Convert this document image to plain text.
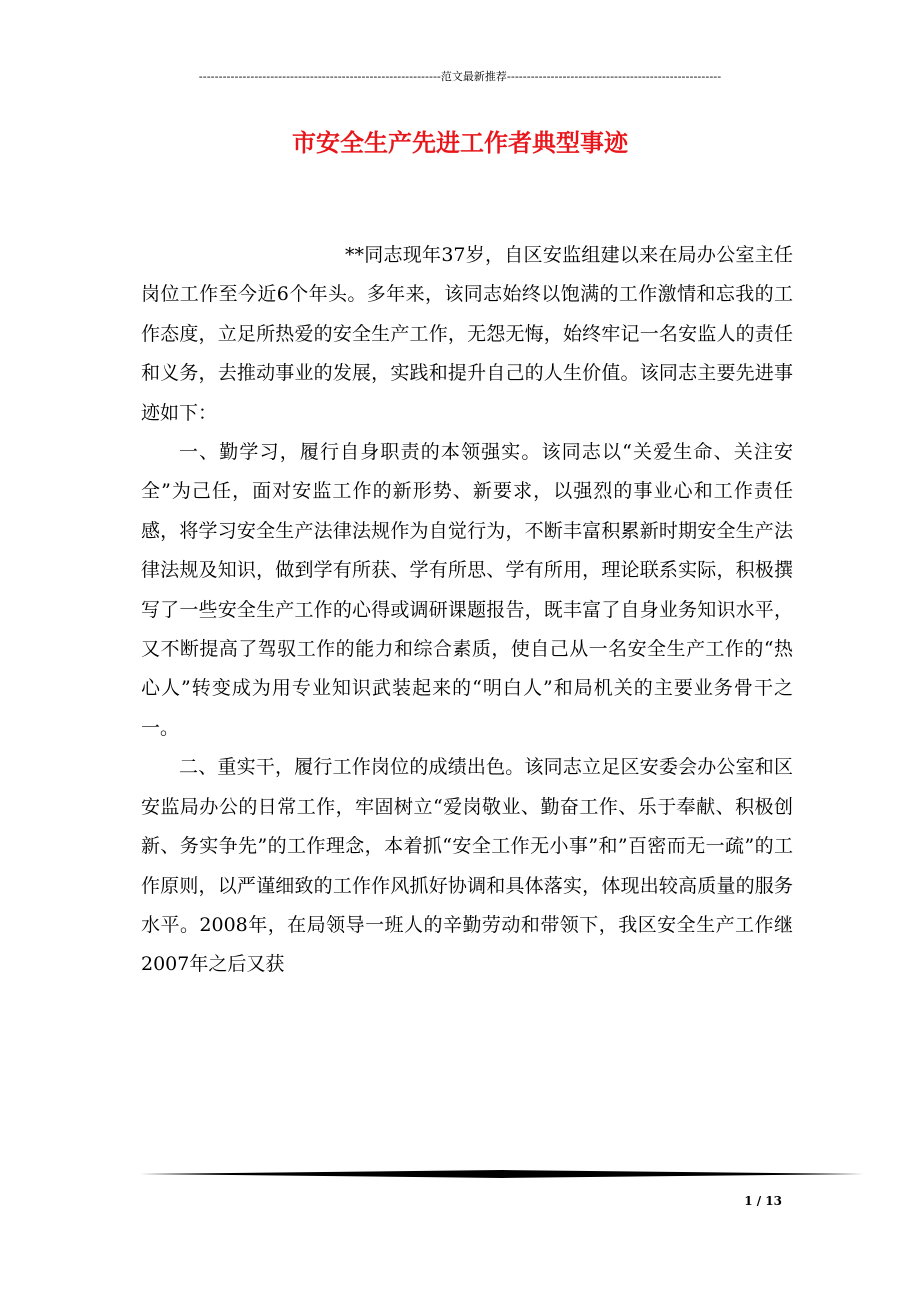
-------------------------------------------------------------范文最新推荐------------------------------------------------------
市安全生产先进工作者典型事迹

**同志现年37岁，自区安监组建以来在局办公室主任岗位工作至今近6个年头。多年来，该同志始终以饱满的工作激情和忘我的工作态度，立足所热爱的安全生产工作，无怨无悔，始终牢记一名安监人的责任和义务，去推动事业的发展，实践和提升自己的人生价值。该同志主要先进事迹如下：

一、勤学习，履行自身职责的本领强实。该同志以“关爱生命、关注安全”为己任，面对安监工作的新形势、新要求，以强烈的事业心和工作责任感，将学习安全生产法律法规作为自觉行为，不断丰富积累新时期安全生产法律法规及知识，做到学有所获、学有所思、学有所用，理论联系实际，积极撰写了一些安全生产工作的心得或调研课题报告，既丰富了自身业务知识水平，又不断提高了驾驭工作的能力和综合素质，使自己从一名安全生产工作的“热心人”转变成为用专业知识武装起来的“明白人”和局机关的主要业务骨干之一。

二、重实干，履行工作岗位的成绩出色。该同志立足区安委会办公室和区安监局办公的日常工作，牢固树立“爱岗敬业、勤奋工作、乐于奉献、积极创新、务实争先”的工作理念，本着抓“安全工作无小事”和”百密而无一疏”的工作原则，以严谨细致的工作作风抓好协调和具体落实，体现出较高质量的服务水平。2008年，在局领导一班人的辛勤劳动和带领下，我区安全生产工作继2007年之后又获

1 / 13
